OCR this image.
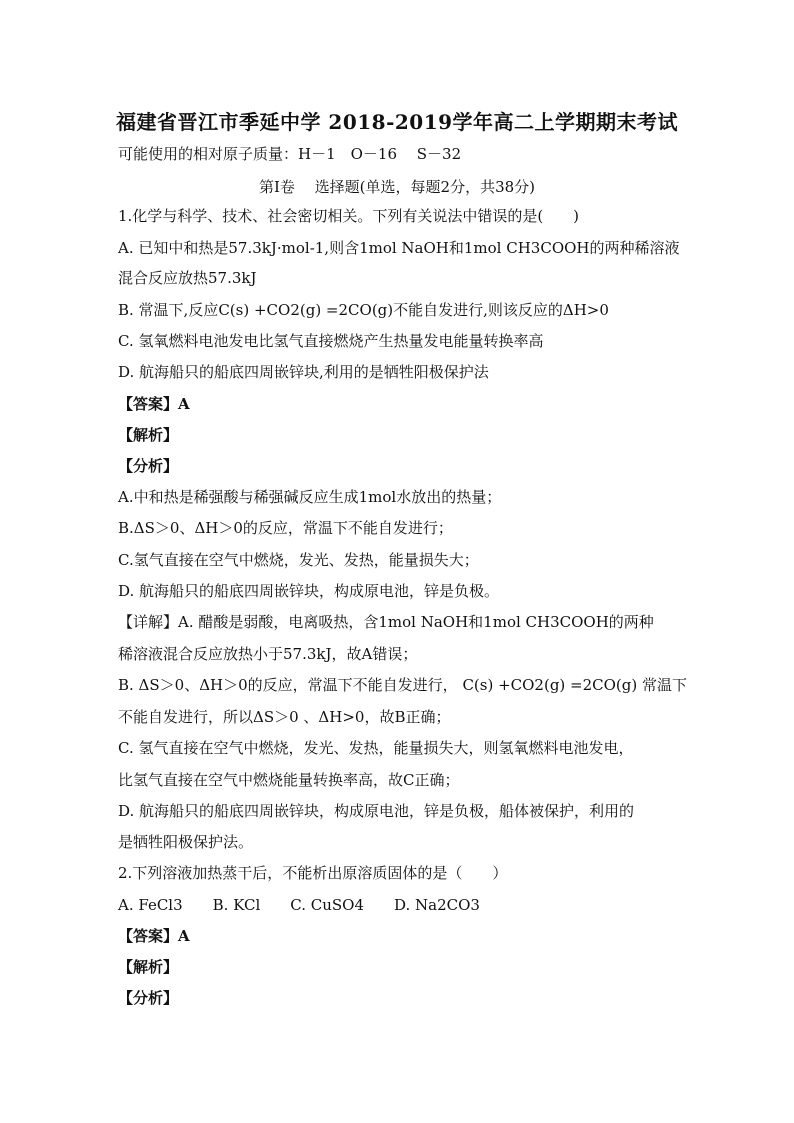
福建省晋江市季延中学 2018-2019学年高二上学期期末考试
可能使用的相对原子质量：H－1　O－16　 S－32
第Ⅰ卷　 选择题(单选，每题2分，共38分)
1.化学与科学、技术、社会密切相关。下列有关说法中错误的是(　　)
A. 已知中和热是57.3kJ·mol-1,则含1mol NaOH和1mol CH3COOH的两种稀溶液
混合反应放热57.3kJ
B. 常温下,反应C(s) +CO2(g) =2CO(g)不能自发进行,则该反应的ΔH>0
C. 氢氧燃料电池发电比氢气直接燃烧产生热量发电能量转换率高
D. 航海船只的船底四周嵌锌块,利用的是牺牲阳极保护法
【答案】A
【解析】
【分析】
A.中和热是稀强酸与稀强碱反应生成1mol水放出的热量；
B.ΔS＞0、ΔH＞0的反应，常温下不能自发进行；
C.氢气直接在空气中燃烧，发光、发热，能量损失大；
D. 航海船只的船底四周嵌锌块，构成原电池，锌是负极。
【详解】A. 醋酸是弱酸，电离吸热，含1mol NaOH和1mol CH3COOH的两种
稀溶液混合反应放热小于57.3kJ，故A错误；
B. ΔS＞0、ΔH＞0的反应，常温下不能自发进行， C(s) +CO2(g) =2CO(g) 常温下
不能自发进行，所以ΔS＞0 、ΔH>0，故B正确；
C. 氢气直接在空气中燃烧，发光、发热，能量损失大，则氢氧燃料电池发电，
比氢气直接在空气中燃烧能量转换率高，故C正确；
D. 航海船只的船底四周嵌锌块，构成原电池，锌是负极，船体被保护，利用的
是牺牲阳极保护法。
2.下列溶液加热蒸干后，不能析出原溶质固体的是（　　）
A. FeCl3　　B. KCl　　C. CuSO4　　D. Na2CO3
【答案】A
【解析】
【分析】
